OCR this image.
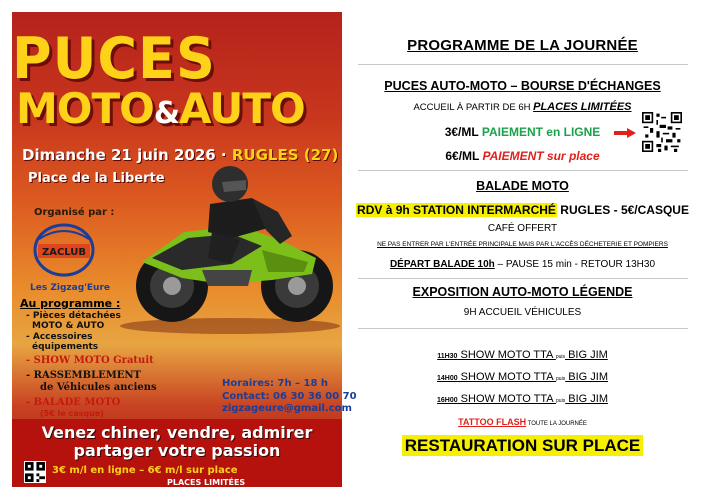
PUCES
MOTO&AUTO
Dimanche 21 juin 2026 · RUGLES (27)
Place de la Liberte
Organisé par :
ZACLUB
Les Zigzag'Eure
Au programme :
- Pièces détachées
MOTO & AUTO
- Accessoires
équipements
- SHOW MOTO Gratuit
- RASSEMBLEMENT
de Véhicules anciens
- BALADE MOTO
(5€ le casque)
Horaires: 7h – 18 h
Contact: 06 30 36 00 70
zigzageure@gmail.com
Venez chiner, vendre, admirer
partager votre passion
3€ m/l en ligne – 6€ m/l sur place
PLACES LIMITÉES
PROGRAMME DE LA JOURNÉE
PUCES AUTO-MOTO – BOURSE D'ÉCHANGES
ACCUEIL À PARTIR DE 6H PLACES LIMITÉES
3€/ML PAIEMENT en LIGNE
6€/ML PAIEMENT sur place
BALADE MOTO
RDV à 9h STATION INTERMARCHÉ RUGLES - 5€/CASQUE
CAFÉ OFFERT
NE PAS ENTRER PAR L'ENTRÉE PRINCIPALE MAIS PAR L'ACCÈS DÉCHETERIE ET POMPIERS
DÉPART BALADE 10h – PAUSE 15 min - RETOUR 13H30
EXPOSITION AUTO-MOTO LÉGENDE
9H ACCUEIL VÉHICULES
11H30 SHOW MOTO TTA puis BIG JIM
14H00 SHOW MOTO TTA puis BIG JIM
16H00 SHOW MOTO TTA puis BIG JIM
TATTOO FLASH TOUTE LA JOURNÉE
RESTAURATION SUR PLACE
